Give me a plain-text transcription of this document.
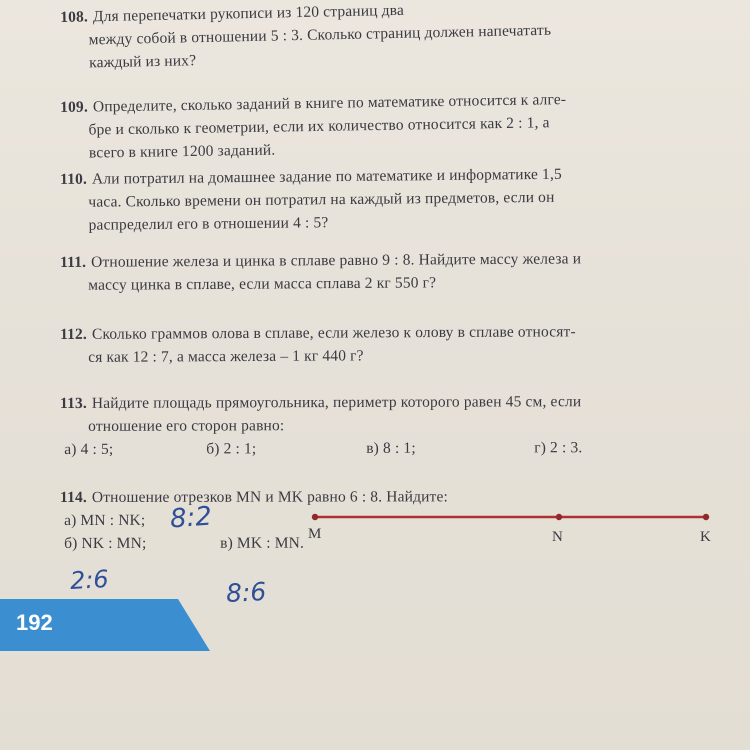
108. Для перепечатки рукописи из 120 страниц два
между собой в отношении 5 : 3. Сколько страниц должен напечатать
каждый из них?
109. Определите, сколько заданий в книге по математике относится к алге-
бре и сколько к геометрии, если их количество относится как 2 : 1, а
всего в книге 1200 заданий.
110. Али потратил на домашнее задание по математике и информатике 1,5
часа. Сколько времени он потратил на каждый из предметов, если он
распределил его в отношении 4 : 5?
111. Отношение железа и цинка в сплаве равно 9 : 8. Найдите массу железа и
массу цинка в сплаве, если масса сплава 2 кг 550 г?
112. Сколько граммов олова в сплаве, если железо к олову в сплаве относят-
ся как 12 : 7, а масса железа – 1 кг 440 г?
113. Найдите площадь прямоугольника, периметр которого равен 45 см, если
отношение его сторон равно:
а) 4 : 5;	б) 2 : 1;	в) 8 : 1;	г) 2 : 3.
114. Отношение отрезков MN и MK равно 6 : 8. Найдите:
а) MN : NK;
б) NK : MN;	в) MK : MN.
8:2
2:6	8:6
M	N	K
192
